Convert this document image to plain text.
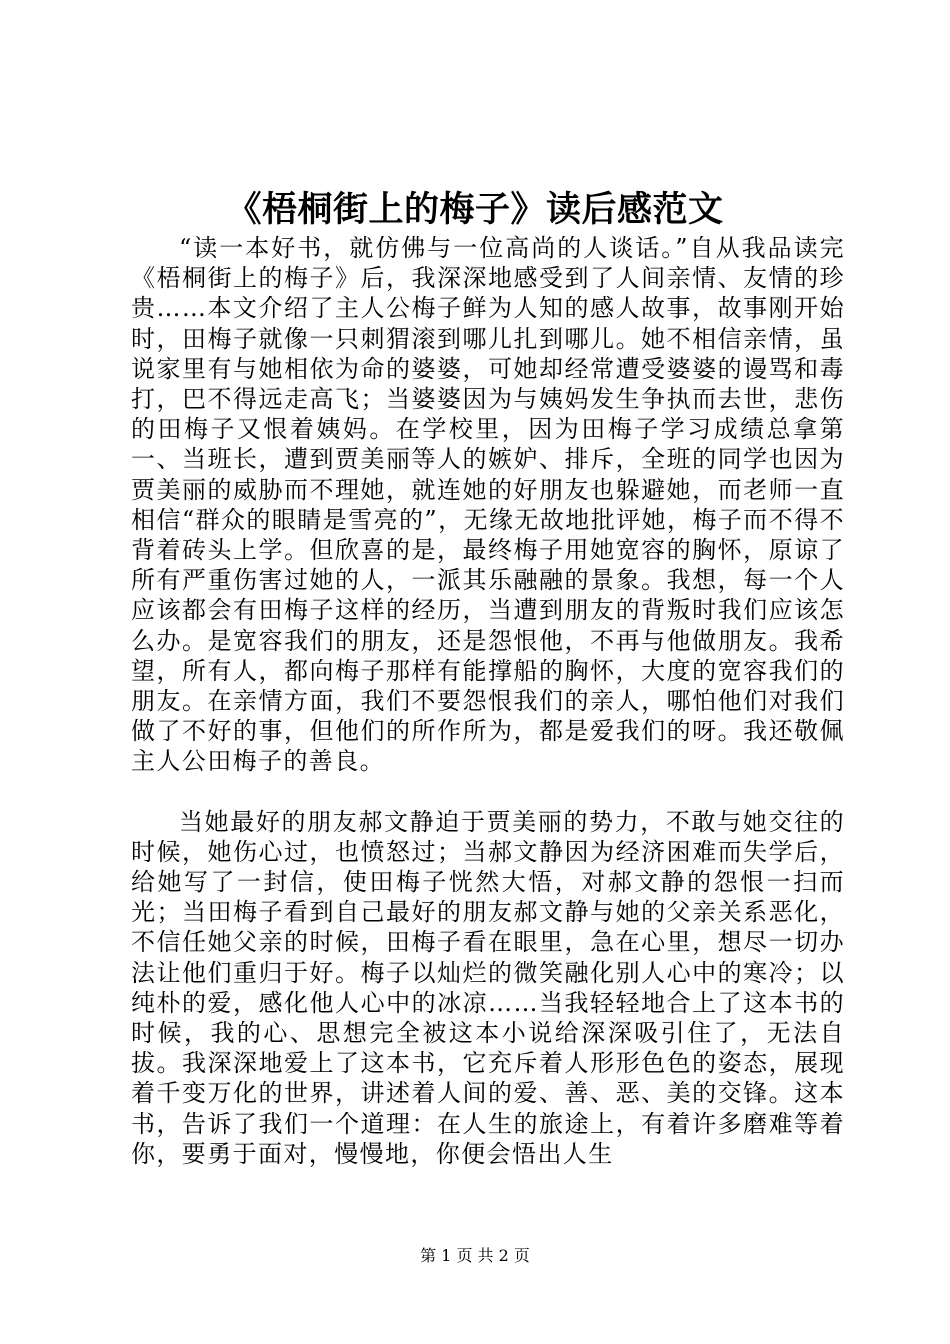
《梧桐街上的梅子》读后感范文

“读一本好书，就仿佛与一位高尚的人谈话。”自从我品读完《梧桐街上的梅子》后，我深深地感受到了人间亲情、友情的珍贵……本文介绍了主人公梅子鲜为人知的感人故事，故事刚开始时，田梅子就像一只刺猬滚到哪儿扎到哪儿。她不相信亲情，虽说家里有与她相依为命的婆婆，可她却经常遭受婆婆的谩骂和毒打，巴不得远走高飞；当婆婆因为与姨妈发生争执而去世，悲伤的田梅子又恨着姨妈。在学校里，因为田梅子学习成绩总拿第一、当班长，遭到贾美丽等人的嫉妒、排斥，全班的同学也因为贾美丽的威胁而不理她，就连她的好朋友也躲避她，而老师一直相信“群众的眼睛是雪亮的”，无缘无故地批评她，梅子而不得不背着砖头上学。但欣喜的是，最终梅子用她宽容的胸怀，原谅了所有严重伤害过她的人，一派其乐融融的景象。我想，每一个人应该都会有田梅子这样的经历，当遭到朋友的背叛时我们应该怎么办。是宽容我们的朋友，还是怨恨他，不再与他做朋友。我希望，所有人，都向梅子那样有能撑船的胸怀，大度的宽容我们的朋友。在亲情方面，我们不要怨恨我们的亲人，哪怕他们对我们做了不好的事，但他们的所作所为，都是爱我们的呀。我还敬佩主人公田梅子的善良。

当她最好的朋友郝文静迫于贾美丽的势力，不敢与她交往的时候，她伤心过，也愤怒过；当郝文静因为经济困难而失学后，给她写了一封信，使田梅子恍然大悟，对郝文静的怨恨一扫而光；当田梅子看到自己最好的朋友郝文静与她的父亲关系恶化，不信任她父亲的时候，田梅子看在眼里，急在心里，想尽一切办法让他们重归于好。梅子以灿烂的微笑融化别人心中的寒冷；以纯朴的爱，感化他人心中的冰凉……当我轻轻地合上了这本书的时候，我的心、思想完全被这本小说给深深吸引住了，无法自拔。我深深地爱上了这本书，它充斥着人形形色色的姿态，展现着千变万化的世界，讲述着人间的爱、善、恶、美的交锋。这本书，告诉了我们一个道理：在人生的旅途上，有着许多磨难等着你，要勇于面对，慢慢地，你便会悟出人生

第 1 页 共 2 页
